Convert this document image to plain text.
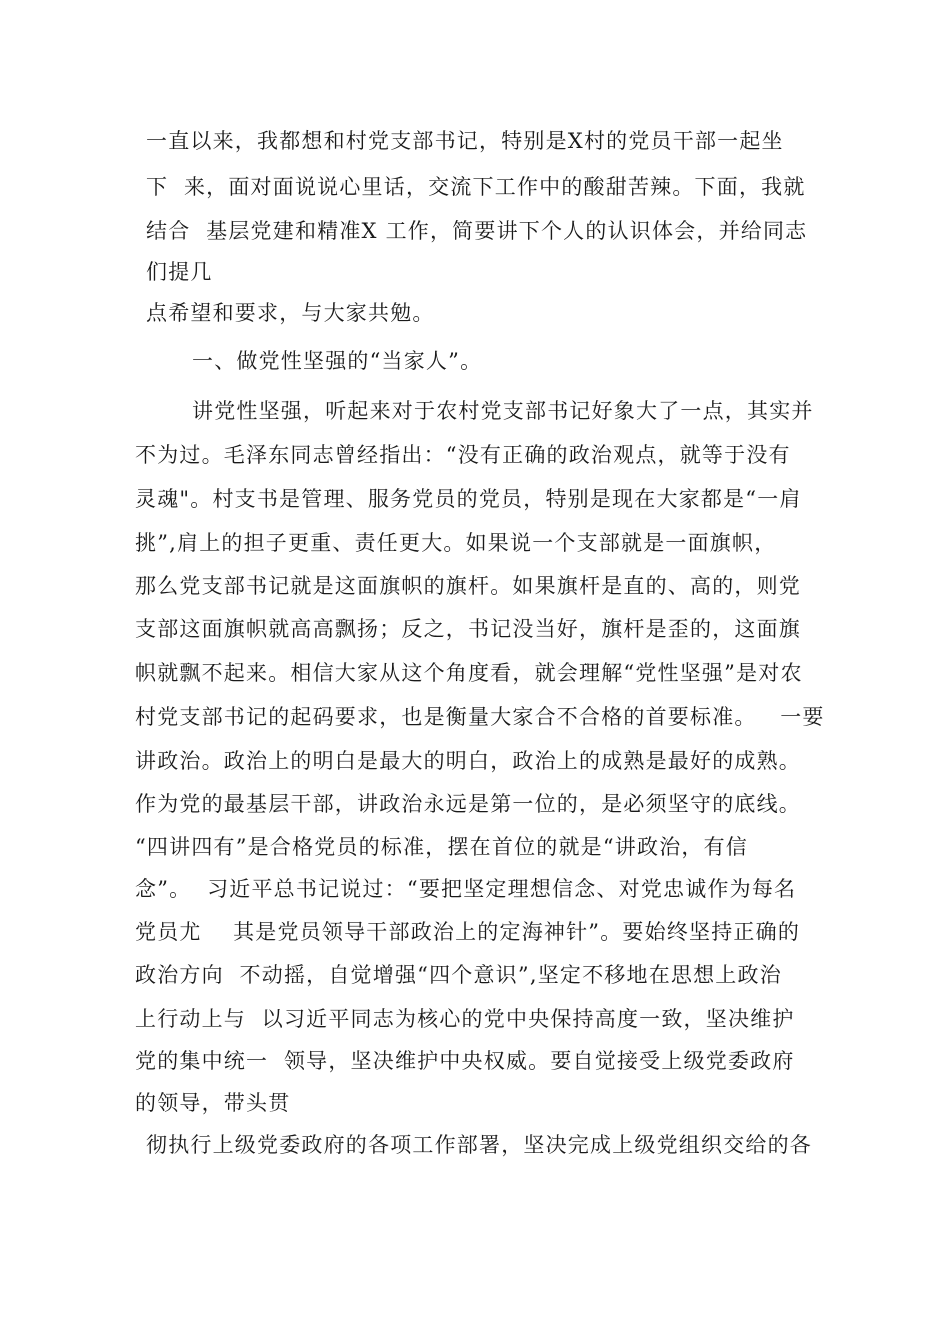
一直以来，我都想和村党支部书记，特别是X村的党员干部一起坐
下  来，面对面说说心里话，交流下工作中的酸甜苦辣。下面，我就
结合  基层党建和精准X 工作，简要讲下个人的认识体会，并给同志
们提几
点希望和要求，与大家共勉。
一、做党性坚强的“当家人”。
讲党性坚强，听起来对于农村党支部书记好象大了一点，其实并
不为过。毛泽东同志曾经指出：“没有正确的政治观点，就等于没有
灵魂"。村支书是管理、服务党员的党员，特别是现在大家都是“一肩
挑”,肩上的担子更重、责任更大。如果说一个支部就是一面旗帜，
那么党支部书记就是这面旗帜的旗杆。如果旗杆是直的、高的，则党
支部这面旗帜就高高飘扬；反之，书记没当好，旗杆是歪的，这面旗
帜就飘不起来。相信大家从这个角度看，就会理解“党性坚强”是对农
村党支部书记的起码要求，也是衡量大家合不合格的首要标准。   一要
讲政治。政治上的明白是最大的明白，政治上的成熟是最好的成熟。
作为党的最基层干部，讲政治永远是第一位的，是必须坚守的底线。
“四讲四有”是合格党员的标准，摆在首位的就是“讲政治，有信
念”。  习近平总书记说过：“要把坚定理想信念、对党忠诚作为每名
党员尤    其是党员领导干部政治上的定海神针”。要始终坚持正确的
政治方向  不动摇，自觉增强“四个意识”,坚定不移地在思想上政治
上行动上与  以习近平同志为核心的党中央保持高度一致，坚决维护
党的集中统一  领导，坚决维护中央权威。要自觉接受上级党委政府
的领导，带头贯
彻执行上级党委政府的各项工作部署，坚决完成上级党组织交给的各
